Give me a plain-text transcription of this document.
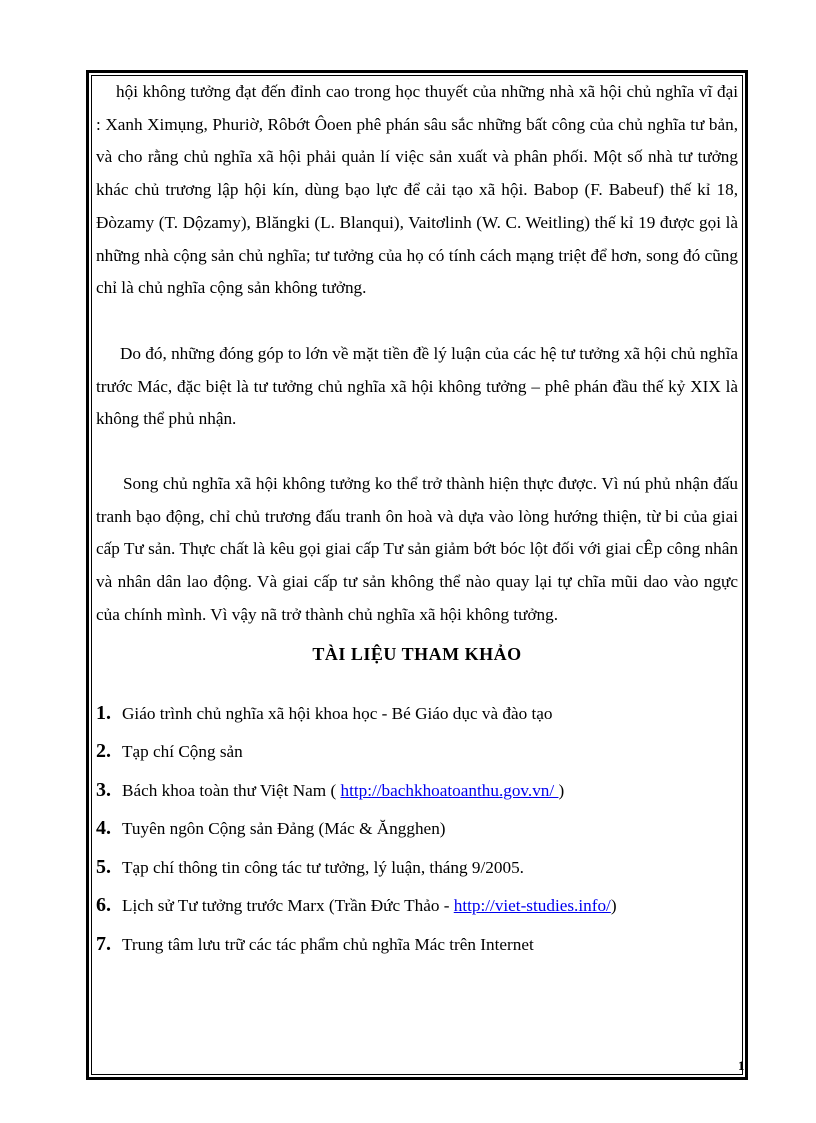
hội không tưởng đạt đến đỉnh cao trong học thuyết của những nhà xã hội chủ nghĩa vĩ đại : Xanh Ximụng, Phuriờ, Rôbớt Ôoen phê phán sâu sắc những bất công của chủ nghĩa tư bản, và cho rằng chủ nghĩa xã hội phải quản lí việc sản xuất và phân phối. Một số nhà tư tưởng khác chủ trương lập hội kín, dùng bạo lực để cải tạo xã hội. Babop (F. Babeuf) thế kỉ 18, Đòzamy (T. Dộzamy), Blăngki (L. Blanqui), Vaitơlinh (W. C. Weitling) thế kỉ 19 được gọi là những nhà cộng sản chủ nghĩa; tư tưởng của họ có tính cách mạng triệt để hơn, song đó cũng chỉ là chủ nghĩa cộng sản không tưởng.

Do đó, những đóng góp to lớn về mặt tiền đề lý luận của các hệ tư tưởng xã hội chủ nghĩa trước Mác, đặc biệt là tư tưởng chủ nghĩa xã hội không tưởng – phê phán đầu thế kỷ XIX là không thể phủ nhận.

Song chủ nghĩa xã hội không tưởng ko thể trở thành hiện thực được. Vì nú phủ nhận đấu tranh bạo động, chỉ chủ trương đấu tranh ôn hoà và dựa vào lòng hướng thiện, từ bi của giai cấp Tư sản. Thực chất là kêu gọi giai cấp Tư sản giảm bớt bóc lột đối với giai cÊp công nhân và nhân dân lao động. Và giai cấp tư sản không thể nào quay lại tự chĩa mũi dao vào ngực của chính mình. Vì vậy nã trở thành chủ nghĩa xã hội không tưởng.

TÀI LIỆU THAM KHẢO
1. Giáo trình chủ nghĩa xã hội khoa học - Bé Giáo dục và đào tạo
2. Tạp chí Cộng sản
3. Bách khoa toàn thư Việt Nam ( http://bachkhoatoanthu.gov.vn/ )
4. Tuyên ngôn Cộng sản Đảng (Mác & Ăngghen)
5. Tạp chí thông tin công tác tư tưởng, lý luận, tháng 9/2005.
6. Lịch sử Tư tưởng trước Marx (Trần Đức Thảo - http://viet-studies.info/)
7. Trung tâm lưu trữ các tác phẩm chủ nghĩa Mác trên Internet
1
